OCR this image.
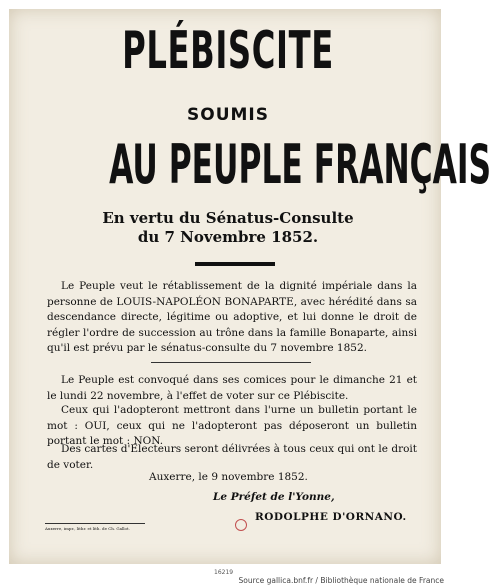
PLÉBISCITE
SOUMIS
AU PEUPLE FRANÇAIS
En vertu du Sénatus-Consulte
du 7 Novembre 1852.
Le Peuple veut le rétablissement de la dignité impériale dans la personne de LOUIS-NAPOLÉON BONAPARTE, avec hérédité dans sa descendance directe, légitime ou adoptive, et lui donne le droit de régler l'ordre de succession au trône dans la famille Bonaparte, ainsi qu'il est prévu par le sénatus-consulte du 7 novembre 1852.
Le Peuple est convoqué dans ses comices pour le dimanche 21 et le lundi 22 novembre, à l'effet de voter sur ce Plébiscite.
Ceux qui l'adopteront mettront dans l'urne un bulletin portant le mot : OUI, ceux qui ne l'adopteront pas déposeront un bulletin portant le mot : NON.
Des cartes d'Electeurs seront délivrées à tous ceux qui ont le droit de voter.
Auxerre, le 9 novembre 1852.
Le Préfet de l'Yonne,
RODOLPHE D'ORNANO.
Auxerre, impr., lithr. et lith. de Ch. Gallot.
16219
Source gallica.bnf.fr / Bibliothèque nationale de France
